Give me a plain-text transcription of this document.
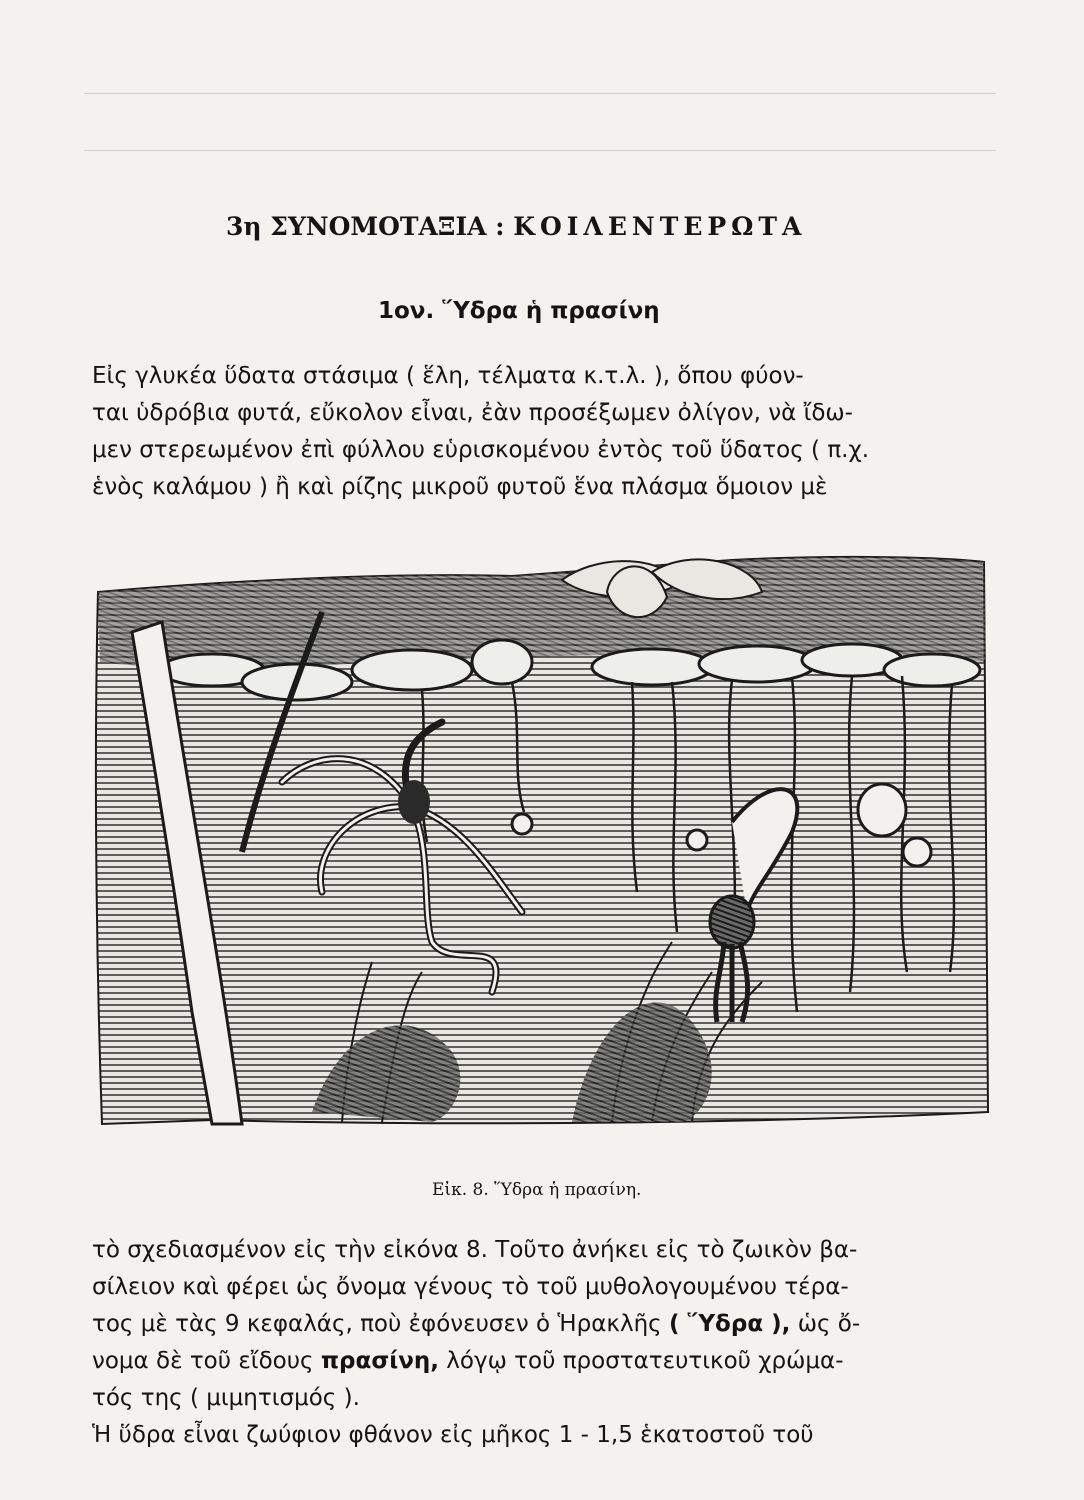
3η ΣΥΝΟΜΟΤΑΞΙΑ : ΚΟΙΛΕΝΤΕΡΩΤΑ
1ον. Ὕδρα ἡ πρασίνη
Εἰς γλυκέα ὕδατα στάσιμα ( ἕλη, τέλματα κ.τ.λ. ), ὅπου φύον-
ται ὑδρόβια φυτά, εὔκολον εἶναι, ἐὰν προσέξωμεν ὀλίγον, νὰ ἴδω-
μεν στερεωμένον ἐπὶ φύλλου εὑρισκομένου ἐντὸς τοῦ ὕδατος ( π.χ.
ἑνὸς καλάμου ) ἢ καὶ ρίζης μικροῦ φυτοῦ ἕνα πλάσμα ὅμοιον μὲ
Εἰκ. 8. Ὕδρα ἡ πρασίνη.
τὸ σχεδιασμένον εἰς τὴν εἰκόνα 8. Τοῦτο ἀνήκει εἰς τὸ ζωικὸν βα-
σίλειον καὶ φέρει ὡς ὄνομα γένους τὸ τοῦ μυθολογουμένου τέρα-
τος μὲ τὰς 9 κεφαλάς, ποὺ ἐφόνευσεν ὁ Ἡρακλῆς ( Ὕδρα ), ὡς ὄ-
νομα δὲ τοῦ εἴδους πρασίνη, λόγῳ τοῦ προστατευτικοῦ χρώμα-
τός της ( μιμητισμός ).
Ἡ ὕδρα εἶναι ζωύφιον φθάνον εἰς μῆκος 1 - 1,5 ἑκατοστοῦ τοῦ
